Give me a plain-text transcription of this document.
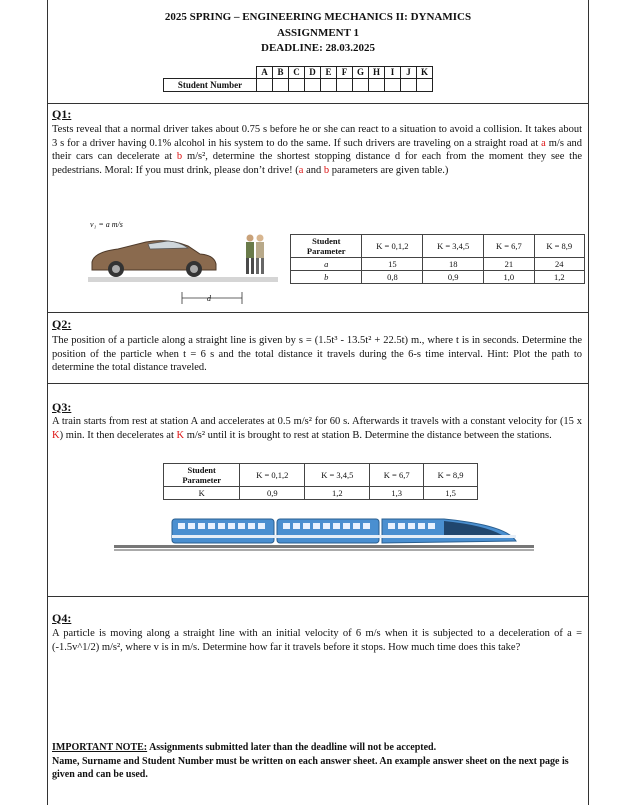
2025 SPRING – ENGINEERING MECHANICS II: DYNAMICS
ASSIGNMENT 1
DEADLINE: 28.03.2025
A	B	C	D	E	F	G H	I	J	K
Student Number
Q1:
Tests reveal that a normal driver takes about 0.75 s before he or she can react to a situation to avoid a collision. It takes about 3 s for a driver having 0.1% alcohol in his system to do the same. If such drivers are traveling on a straight road at a m/s and their cars can decelerate at b m/s², determine the shortest stopping distance d for each from the moment they see the pedestrians. Moral: If you must drink, please don’t drive! (a and b parameters are given table.)
v₁ = a m/s
d
Student
Parameter	K = 0,1,2	K = 3,4,5	K = 6,7	K = 8,9
a	15	18	21	24
b	0,8	0,9	1,0	1,2
Q2:
The position of a particle along a straight line is given by s = (1.5t³ - 13.5t² + 22.5t) m., where t is in seconds. Determine the position of the particle when t = 6 s and the total distance it travels during the 6-s time interval. Hint: Plot the path to determine the total distance traveled.
Q3:
A train starts from rest at station A and accelerates at 0.5 m/s² for 60 s. Afterwards it travels with a constant velocity for (15 x K) min. It then decelerates at K m/s² until it is brought to rest at station B. Determine the distance between the stations.
Student
Parameter	K = 0,1,2	K = 3,4,5	K = 6,7	K = 8,9
K	0,9	1,2	1,3	1,5
Q4:
A particle is moving along a straight line with an initial velocity of 6 m/s when it is subjected to a deceleration of a = (-1.5v^1/2) m/s², where v is in m/s. Determine how far it travels before it stops. How much time does this take?
IMPORTANT NOTE: Assignments submitted later than the deadline will not be accepted.
Name, Surname and Student Number must be written on each answer sheet. An example answer sheet on the next page is given and can be used.
